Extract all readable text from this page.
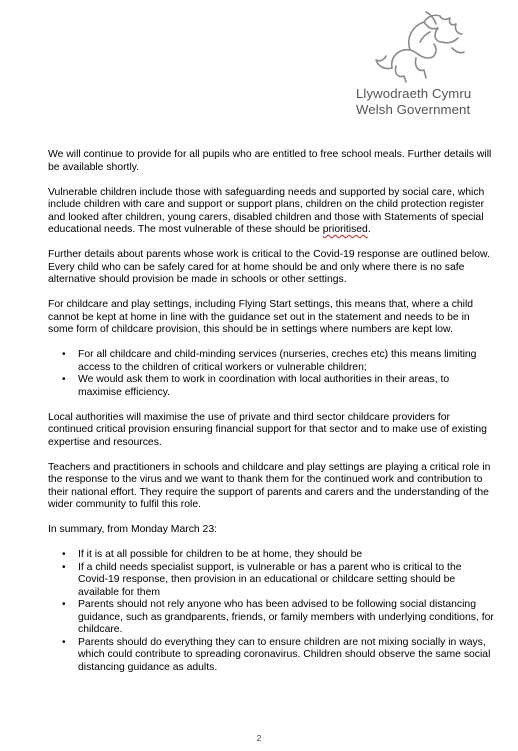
Llywodraeth Cymru
Welsh Government

We will continue to provide for all pupils who are entitled to free school meals. Further details will be available shortly.

Vulnerable children include those with safeguarding needs and supported by social care, which include children with care and support or support plans, children on the child protection register and looked after children, young carers, disabled children and those with Statements of special educational needs. The most vulnerable of these should be prioritised.

Further details about parents whose work is critical to the Covid-19 response are outlined below. Every child who can be safely cared for at home should be and only where there is no safe alternative should provision be made in schools or other settings.

For childcare and play settings, including Flying Start settings, this means that, where a child cannot be kept at home in line with the guidance set out in the statement and needs to be in some form of childcare provision, this should be in settings where numbers are kept low.

• For all childcare and child-minding services (nurseries, creches etc) this means limiting access to the children of critical workers or vulnerable children;
• We would ask them to work in coordination with local authorities in their areas, to maximise efficiency.

Local authorities will maximise the use of private and third sector childcare providers for continued critical provision ensuring financial support for that sector and to make use of existing expertise and resources.

Teachers and practitioners in schools and childcare and play settings are playing a critical role in the response to the virus and we want to thank them for the continued work and contribution to their national effort. They require the support of parents and carers and the understanding of the wider community to fulfil this role.

In summary, from Monday March 23:

• If it is at all possible for children to be at home, they should be
• If a child needs specialist support, is vulnerable or has a parent who is critical to the Covid-19 response, then provision in an educational or childcare setting should be available for them
• Parents should not rely anyone who has been advised to be following social distancing guidance, such as grandparents, friends, or family members with underlying conditions, for childcare.
• Parents should do everything they can to ensure children are not mixing socially in ways, which could contribute to spreading coronavirus. Children should observe the same social distancing guidance as adults.
2
